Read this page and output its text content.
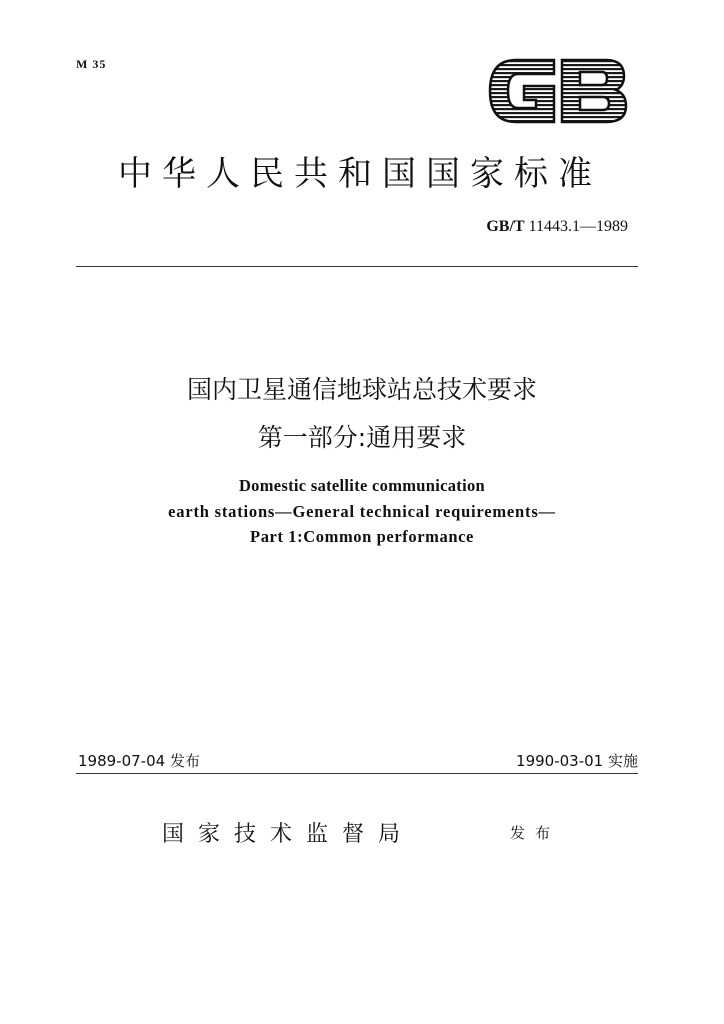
M 35
中华人民共和国国家标准
GB/T 11443.1—1989
国内卫星通信地球站总技术要求
第一部分:通用要求
Domestic satellite communication
earth stations—General technical requirements—
Part 1:Common performance
1989-07-04 发布	1990-03-01 实施
国家技术监督局	发布
